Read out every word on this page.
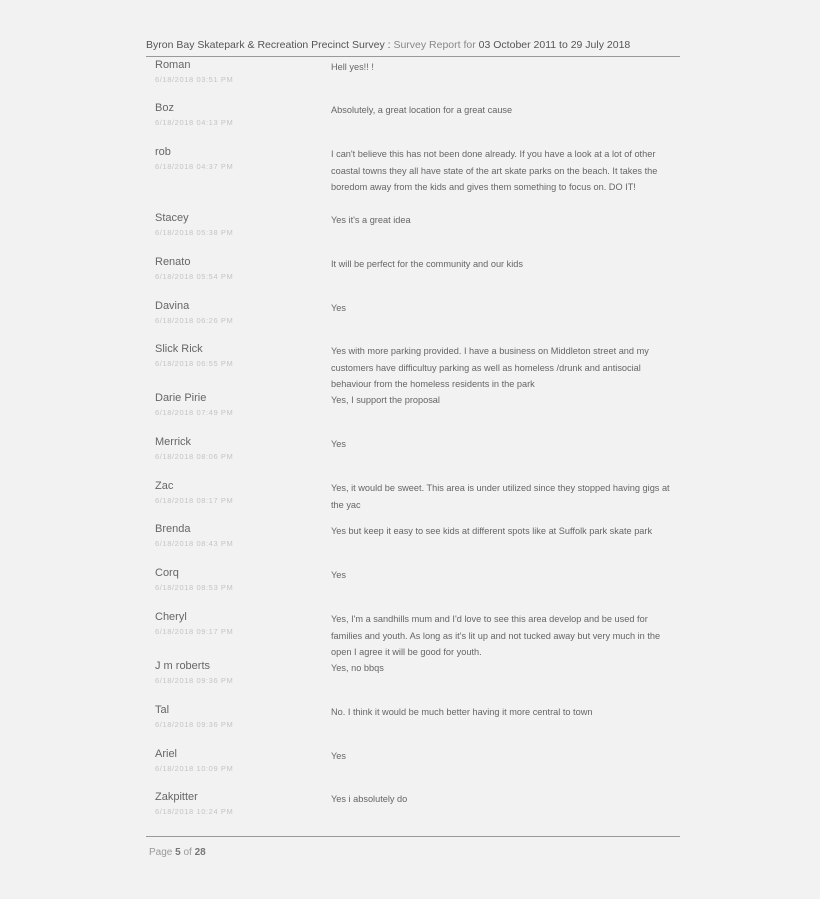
Byron Bay Skatepark & Recreation Precinct Survey : Survey Report for 03 October 2011 to 29 July 2018
Roman
6/18/2018 03:51 PM
Hell yes!! !
Boz
6/18/2018 04:13 PM
Absolutely, a great location for a great cause
rob
6/18/2018 04:37 PM
I can't believe this has not been done already. If you have a look at a lot of other coastal towns they all have state of the art skate parks on the beach. It takes the boredom away from the kids and gives them something to focus on. DO IT!
Stacey
6/18/2018 05:38 PM
Yes it's a great idea
Renato
6/18/2018 05:54 PM
It will be perfect for the community and our kids
Davina
6/18/2018 06:26 PM
Yes
Slick Rick
6/18/2018 06:55 PM
Yes with more parking provided. I have a business on Middleton street and my customers have difficultuy parking as well as homeless /drunk and antisocial behaviour from the homeless residents in the park
Darie Pirie
6/18/2018 07:49 PM
Yes, I support the proposal
Merrick
6/18/2018 08:06 PM
Yes
Zac
6/18/2018 08:17 PM
Yes, it would be sweet. This area is under utilized since they stopped having gigs at the yac
Brenda
6/18/2018 08:43 PM
Yes but keep it easy to see kids at different spots like at Suffolk park skate park
Corq
6/18/2018 08:53 PM
Yes
Cheryl
6/18/2018 09:17 PM
Yes, I'm a sandhills mum and I'd love to see this area develop and be used for families and youth. As long as it's lit up and not tucked away but very much in the open I agree it will be good for youth.
J m roberts
6/18/2018 09:36 PM
Yes, no bbqs
Tal
6/18/2018 09:36 PM
No. I think it would be much better having it more central to town
Ariel
6/18/2018 10:09 PM
Yes
Zakpitter
6/18/2018 10:24 PM
Yes i absolutely do
Page 5 of 28
